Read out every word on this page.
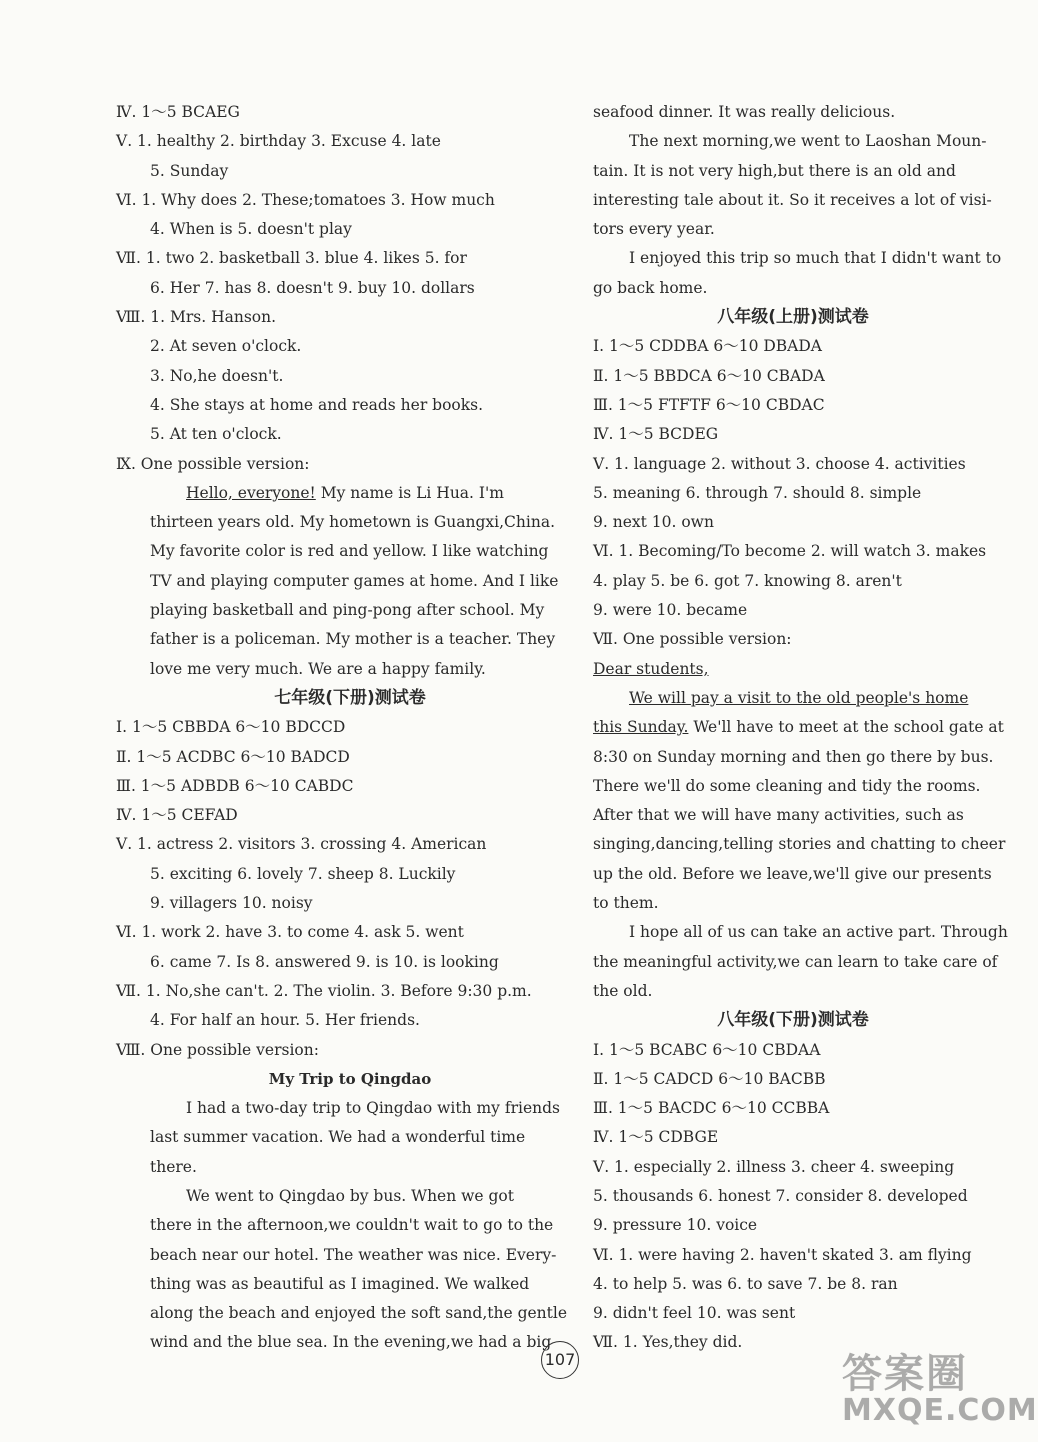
Ⅳ. 1～5 BCAEG
Ⅴ. 1. healthy 2. birthday 3. Excuse 4. late
5. Sunday
Ⅵ. 1. Why does 2. These;tomatoes 3. How much
4. When is 5. doesn't play
Ⅶ. 1. two 2. basketball 3. blue 4. likes 5. for
6. Her 7. has 8. doesn't 9. buy 10. dollars
Ⅷ. 1. Mrs. Hanson.
2. At seven o'clock.
3. No,he doesn't.
4. She stays at home and reads her books.
5. At ten o'clock.
Ⅸ. One possible version:
Hello, everyone! My name is Li Hua. I'm
thirteen years old. My hometown is Guangxi,China.
My favorite color is red and yellow. I like watching
TV and playing computer games at home. And I like
playing basketball and ping-pong after school. My
father is a policeman. My mother is a teacher. They
love me very much. We are a happy family.
七年级(下册)测试卷
Ⅰ. 1～5 CBBDA 6～10 BDCCD
Ⅱ. 1～5 ACDBC 6～10 BADCD
Ⅲ. 1～5 ADBDB 6～10 CABDC
Ⅳ. 1～5 CEFAD
Ⅴ. 1. actress 2. visitors 3. crossing 4. American
5. exciting 6. lovely 7. sheep 8. Luckily
9. villagers 10. noisy
Ⅵ. 1. work 2. have 3. to come 4. ask 5. went
6. came 7. Is 8. answered 9. is 10. is looking
Ⅶ. 1. No,she can't. 2. The violin. 3. Before 9:30 p.m.
4. For half an hour. 5. Her friends.
Ⅷ. One possible version:
My Trip to Qingdao
I had a two-day trip to Qingdao with my friends
last summer vacation. We had a wonderful time
there.
We went to Qingdao by bus. When we got
there in the afternoon,we couldn't wait to go to the
beach near our hotel. The weather was nice. Every-
thing was as beautiful as I imagined. We walked
along the beach and enjoyed the soft sand,the gentle
wind and the blue sea. In the evening,we had a big
seafood dinner. It was really delicious.
The next morning,we went to Laoshan Moun-
tain. It is not very high,but there is an old and
interesting tale about it. So it receives a lot of visi-
tors every year.
I enjoyed this trip so much that I didn't want to
go back home.
八年级(上册)测试卷
Ⅰ. 1～5 CDDBA 6～10 DBADA
Ⅱ. 1～5 BBDCA 6～10 CBADA
Ⅲ. 1～5 FTFTF 6～10 CBDAC
Ⅳ. 1～5 BCDEG
Ⅴ. 1. language 2. without 3. choose 4. activities
5. meaning 6. through 7. should 8. simple
9. next 10. own
Ⅵ. 1. Becoming/To become 2. will watch 3. makes
4. play 5. be 6. got 7. knowing 8. aren't
9. were 10. became
Ⅶ. One possible version:
Dear students,
We will pay a visit to the old people's home
this Sunday. We'll have to meet at the school gate at
8:30 on Sunday morning and then go there by bus.
There we'll do some cleaning and tidy the rooms.
After that we will have many activities, such as
singing,dancing,telling stories and chatting to cheer
up the old. Before we leave,we'll give our presents
to them.
I hope all of us can take an active part. Through
the meaningful activity,we can learn to take care of
the old.
八年级(下册)测试卷
Ⅰ. 1～5 BCABC 6～10 CBDAA
Ⅱ. 1～5 CADCD 6～10 BACBB
Ⅲ. 1～5 BACDC 6～10 CCBBA
Ⅳ. 1～5 CDBGE
Ⅴ. 1. especially 2. illness 3. cheer 4. sweeping
5. thousands 6. honest 7. consider 8. developed
9. pressure 10. voice
Ⅵ. 1. were having 2. haven't skated 3. am flying
4. to help 5. was 6. to save 7. be 8. ran
9. didn't feel 10. was sent
Ⅶ. 1. Yes,they did.
107	答案圈
MXQE.COM
